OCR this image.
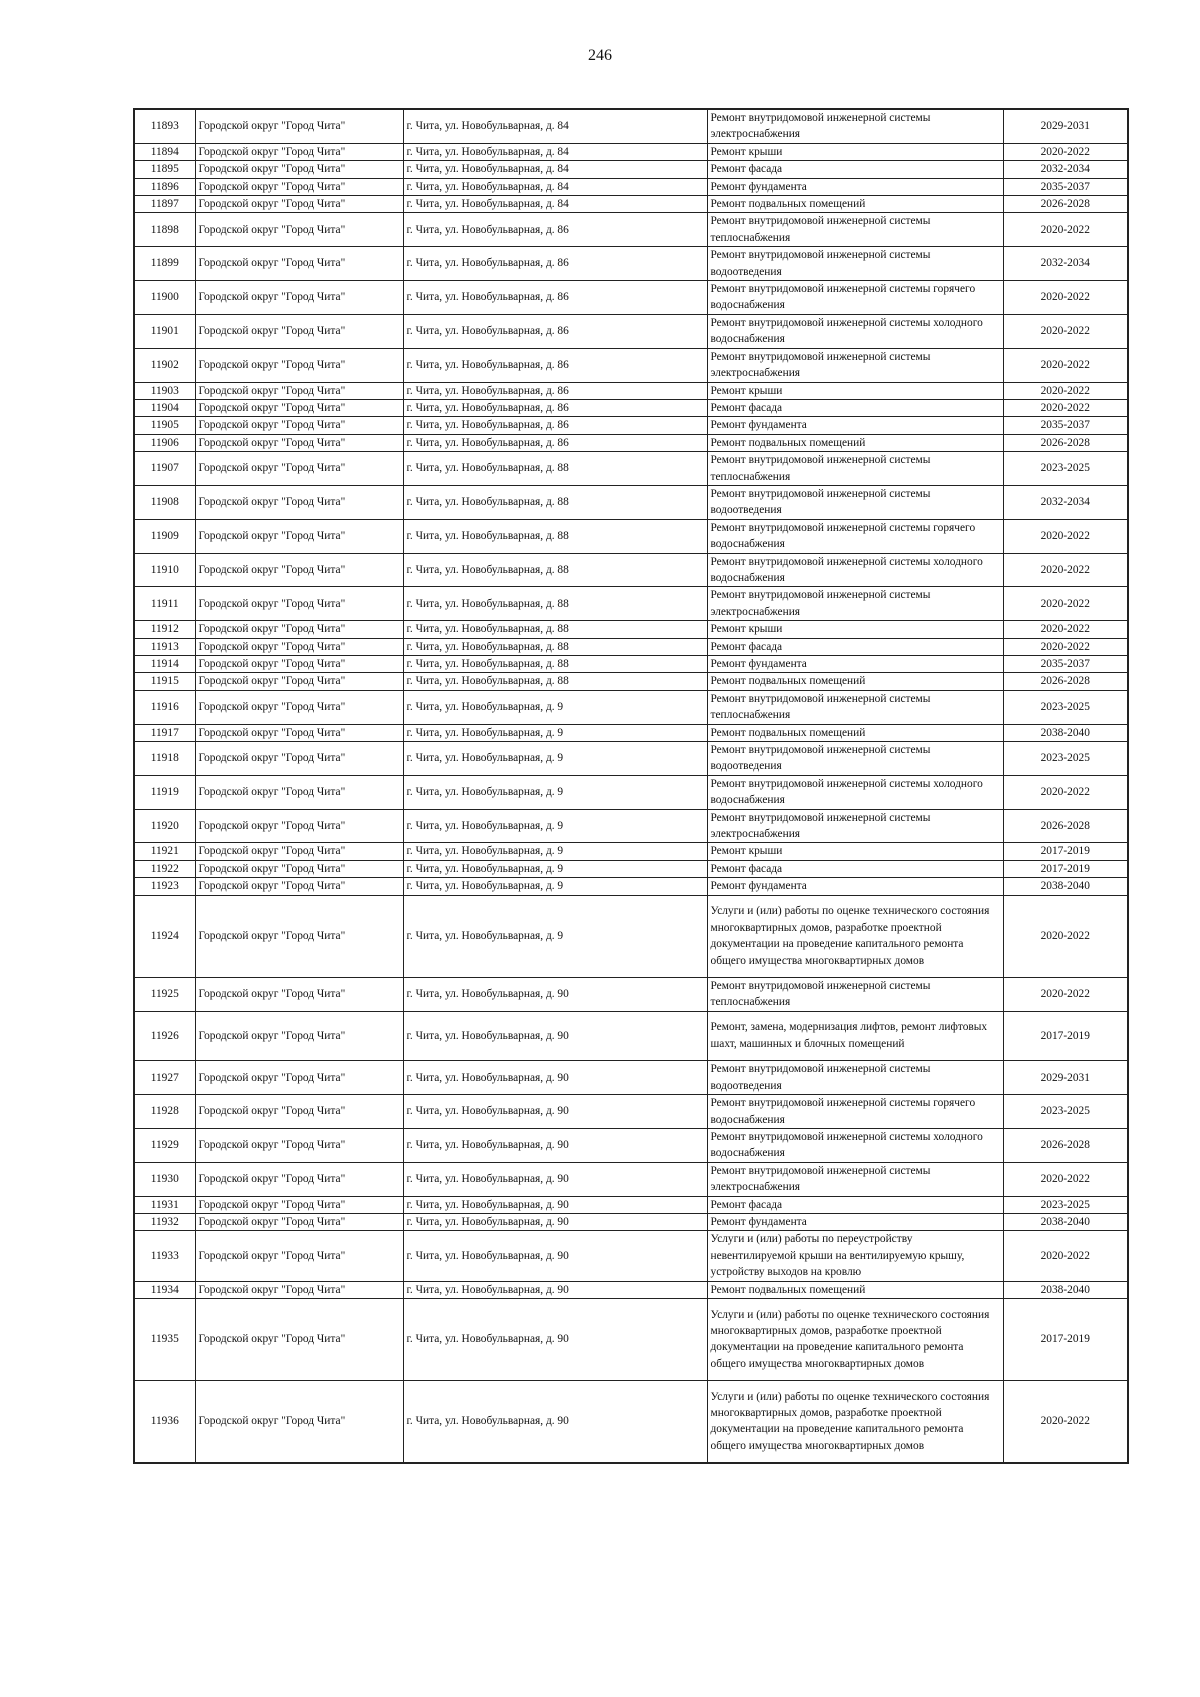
246
11893	Городской округ "Город Чита"	г. Чита, ул. Новобульварная, д. 84	Ремонт внутридомовой инженерной системы электроснабжения	2029-2031
11894	Городской округ "Город Чита"	г. Чита, ул. Новобульварная, д. 84	Ремонт крыши	2020-2022
11895	Городской округ "Город Чита"	г. Чита, ул. Новобульварная, д. 84	Ремонт фасада	2032-2034
11896	Городской округ "Город Чита"	г. Чита, ул. Новобульварная, д. 84	Ремонт фундамента	2035-2037
11897	Городской округ "Город Чита"	г. Чита, ул. Новобульварная, д. 84	Ремонт подвальных помещений	2026-2028
11898	Городской округ "Город Чита"	г. Чита, ул. Новобульварная, д. 86	Ремонт внутридомовой инженерной системы теплоснабжения	2020-2022
11899	Городской округ "Город Чита"	г. Чита, ул. Новобульварная, д. 86	Ремонт внутридомовой инженерной системы водоотведения	2032-2034
11900	Городской округ "Город Чита"	г. Чита, ул. Новобульварная, д. 86	Ремонт внутридомовой инженерной системы горячего водоснабжения	2020-2022
11901	Городской округ "Город Чита"	г. Чита, ул. Новобульварная, д. 86	Ремонт внутридомовой инженерной системы холодного водоснабжения	2020-2022
11902	Городской округ "Город Чита"	г. Чита, ул. Новобульварная, д. 86	Ремонт внутридомовой инженерной системы электроснабжения	2020-2022
11903	Городской округ "Город Чита"	г. Чита, ул. Новобульварная, д. 86	Ремонт крыши	2020-2022
11904	Городской округ "Город Чита"	г. Чита, ул. Новобульварная, д. 86	Ремонт фасада	2020-2022
11905	Городской округ "Город Чита"	г. Чита, ул. Новобульварная, д. 86	Ремонт фундамента	2035-2037
11906	Городской округ "Город Чита"	г. Чита, ул. Новобульварная, д. 86	Ремонт подвальных помещений	2026-2028
11907	Городской округ "Город Чита"	г. Чита, ул. Новобульварная, д. 88	Ремонт внутридомовой инженерной системы теплоснабжения	2023-2025
11908	Городской округ "Город Чита"	г. Чита, ул. Новобульварная, д. 88	Ремонт внутридомовой инженерной системы водоотведения	2032-2034
11909	Городской округ "Город Чита"	г. Чита, ул. Новобульварная, д. 88	Ремонт внутридомовой инженерной системы горячего водоснабжения	2020-2022
11910	Городской округ "Город Чита"	г. Чита, ул. Новобульварная, д. 88	Ремонт внутридомовой инженерной системы холодного водоснабжения	2020-2022
11911	Городской округ "Город Чита"	г. Чита, ул. Новобульварная, д. 88	Ремонт внутридомовой инженерной системы электроснабжения	2020-2022
11912	Городской округ "Город Чита"	г. Чита, ул. Новобульварная, д. 88	Ремонт крыши	2020-2022
11913	Городской округ "Город Чита"	г. Чита, ул. Новобульварная, д. 88	Ремонт фасада	2020-2022
11914	Городской округ "Город Чита"	г. Чита, ул. Новобульварная, д. 88	Ремонт фундамента	2035-2037
11915	Городской округ "Город Чита"	г. Чита, ул. Новобульварная, д. 88	Ремонт подвальных помещений	2026-2028
11916	Городской округ "Город Чита"	г. Чита, ул. Новобульварная, д. 9	Ремонт внутридомовой инженерной системы теплоснабжения	2023-2025
11917	Городской округ "Город Чита"	г. Чита, ул. Новобульварная, д. 9	Ремонт подвальных помещений	2038-2040
11918	Городской округ "Город Чита"	г. Чита, ул. Новобульварная, д. 9	Ремонт внутридомовой инженерной системы водоотведения	2023-2025
11919	Городской округ "Город Чита"	г. Чита, ул. Новобульварная, д. 9	Ремонт внутридомовой инженерной системы холодного водоснабжения	2020-2022
11920	Городской округ "Город Чита"	г. Чита, ул. Новобульварная, д. 9	Ремонт внутридомовой инженерной системы электроснабжения	2026-2028
11921	Городской округ "Город Чита"	г. Чита, ул. Новобульварная, д. 9	Ремонт крыши	2017-2019
11922	Городской округ "Город Чита"	г. Чита, ул. Новобульварная, д. 9	Ремонт фасада	2017-2019
11923	Городской округ "Город Чита"	г. Чита, ул. Новобульварная, д. 9	Ремонт фундамента	2038-2040
11924	Городской округ "Город Чита"	г. Чита, ул. Новобульварная, д. 9	Услуги и (или) работы по оценке технического состояния многоквартирных домов, разработке проектной документации на проведение капитального ремонта общего имущества многоквартирных домов	2020-2022
11925	Городской округ "Город Чита"	г. Чита, ул. Новобульварная, д. 90	Ремонт внутридомовой инженерной системы теплоснабжения	2020-2022
11926	Городской округ "Город Чита"	г. Чита, ул. Новобульварная, д. 90	Ремонт, замена, модернизация лифтов, ремонт лифтовых шахт, машинных и блочных помещений	2017-2019
11927	Городской округ "Город Чита"	г. Чита, ул. Новобульварная, д. 90	Ремонт внутридомовой инженерной системы водоотведения	2029-2031
11928	Городской округ "Город Чита"	г. Чита, ул. Новобульварная, д. 90	Ремонт внутридомовой инженерной системы горячего водоснабжения	2023-2025
11929	Городской округ "Город Чита"	г. Чита, ул. Новобульварная, д. 90	Ремонт внутридомовой инженерной системы холодного водоснабжения	2026-2028
11930	Городской округ "Город Чита"	г. Чита, ул. Новобульварная, д. 90	Ремонт внутридомовой инженерной системы электроснабжения	2020-2022
11931	Городской округ "Город Чита"	г. Чита, ул. Новобульварная, д. 90	Ремонт фасада	2023-2025
11932	Городской округ "Город Чита"	г. Чита, ул. Новобульварная, д. 90	Ремонт фундамента	2038-2040
11933	Городской округ "Город Чита"	г. Чита, ул. Новобульварная, д. 90	Услуги и (или) работы по переустройству невентилируемой крыши на вентилируемую крышу, устройству выходов на кровлю	2020-2022
11934	Городской округ "Город Чита"	г. Чита, ул. Новобульварная, д. 90	Ремонт подвальных помещений	2038-2040
11935	Городской округ "Город Чита"	г. Чита, ул. Новобульварная, д. 90	Услуги и (или) работы по оценке технического состояния многоквартирных домов, разработке проектной документации на проведение капитального ремонта общего имущества многоквартирных домов	2017-2019
11936	Городской округ "Город Чита"	г. Чита, ул. Новобульварная, д. 90	Услуги и (или) работы по оценке технического состояния многоквартирных домов, разработке проектной документации на проведение капитального ремонта общего имущества многоквартирных домов	2020-2022
